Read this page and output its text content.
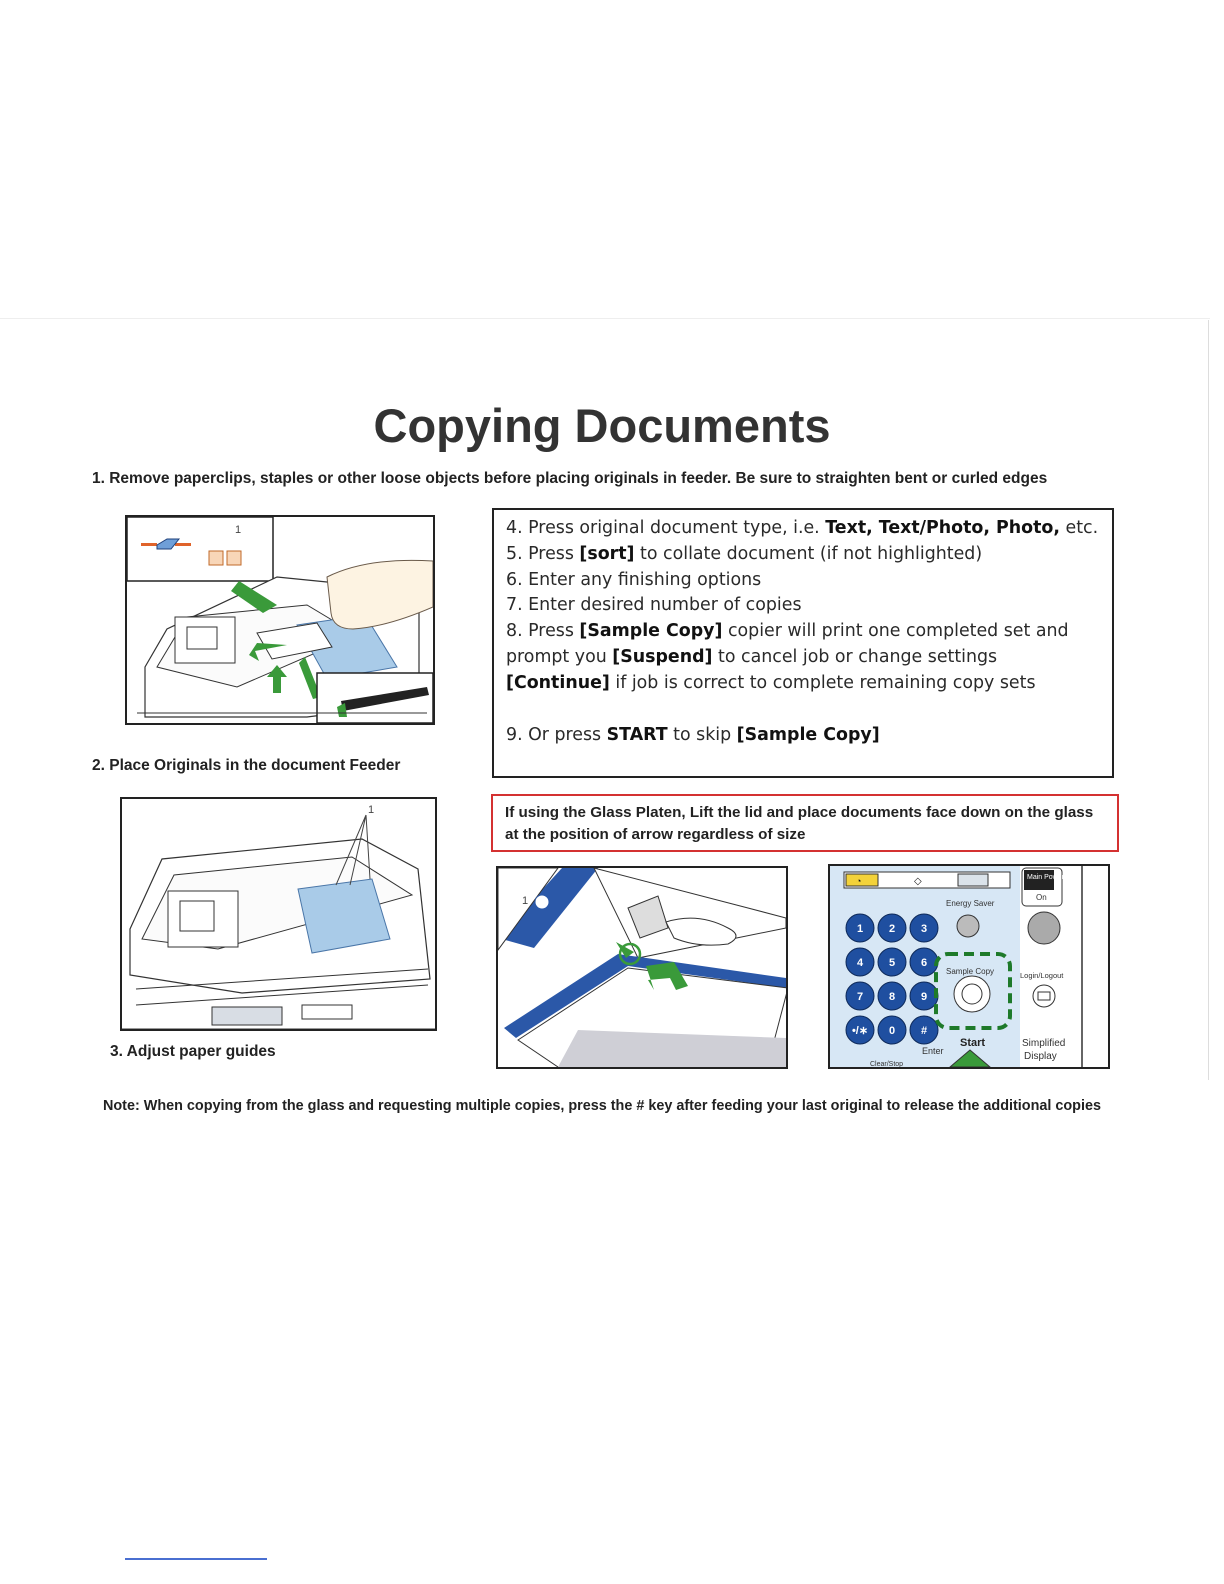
Copying Documents
1. Remove paperclips, staples or other loose objects before placing originals in feeder. Be sure to straighten bent or curled edges
1
2. Place Originals in the document Feeder
1
3. Adjust paper guides
4. Press original document type, i.e. Text, Text/Photo, Photo, etc.
5. Press [sort] to collate document (if not highlighted)
6. Enter any finishing options
7. Enter desired number of copies
8. Press [Sample Copy] copier will print one completed set and
prompt you [Suspend] to cancel job or change settings
[Continue] if job is correct to complete remaining copy sets
9. Or press START to skip [Sample Copy]
If using the Glass Platen, Lift the lid and place documents face down on the glass at the position of arrow regardless of size
1
◔	◇
Energy Saver
1 2 3
4 5 6
7 8 9
•/∗ 0 #
Sample Copy
Enter
Start
Clear/Stop
Main Power
On
Login/Logout
Simplified Display
Note: When copying from the glass and requesting multiple copies, press the # key after feeding your last original to release the additional copies
